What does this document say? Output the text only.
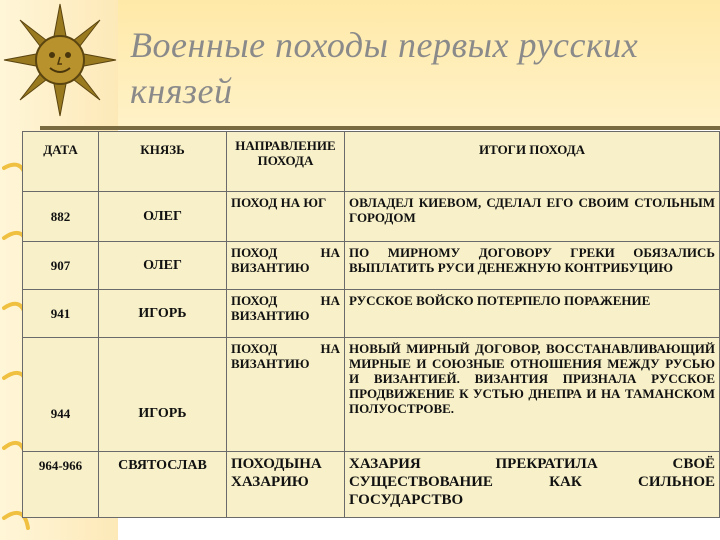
Военные походы первых русских князей
ДАТА	КНЯЗЬ	НАПРАВЛЕНИЕ ПОХОДА	ИТОГИ ПОХОДА
882	ОЛЕГ	ПОХОД НА ЮГ	ОВЛАДЕЛ КИЕВОМ, СДЕЛАЛ ЕГО СВОИМ СТОЛЬНЫМ ГОРОДОМ
907	ОЛЕГ	ПОХОД НА ВИЗАНТИЮ	ПО МИРНОМУ ДОГОВОРУ ГРЕКИ ОБЯЗАЛИСЬ ВЫПЛАТИТЬ РУСИ ДЕНЕЖНУЮ КОНТРИБУЦИЮ
941	ИГОРЬ	ПОХОД НА ВИЗАНТИЮ	РУССКОЕ ВОЙСКО ПОТЕРПЕЛО ПОРАЖЕНИЕ
944	ИГОРЬ	ПОХОД НА ВИЗАНТИЮ	НОВЫЙ МИРНЫЙ ДОГОВОР, ВОССТАНАВЛИВАЮЩИЙ МИРНЫЕ И СОЮЗНЫЕ ОТНОШЕНИЯ МЕЖДУ РУСЬЮ И ВИЗАНТИЕЙ. ВИЗАНТИЯ ПРИЗНАЛА РУССКОЕ ПРОДВИЖЕНИЕ К УСТЬЮ ДНЕПРА И НА ТАМАНСКОМ ПОЛУОСТРОВЕ.
964-966	СВЯТОСЛАВ	ПОХОДЫНА ХАЗАРИЮ	ХАЗАРИЯ ПРЕКРАТИЛА СВОЁ СУЩЕСТВОВАНИЕ КАК СИЛЬНОЕ ГОСУДАРСТВО
